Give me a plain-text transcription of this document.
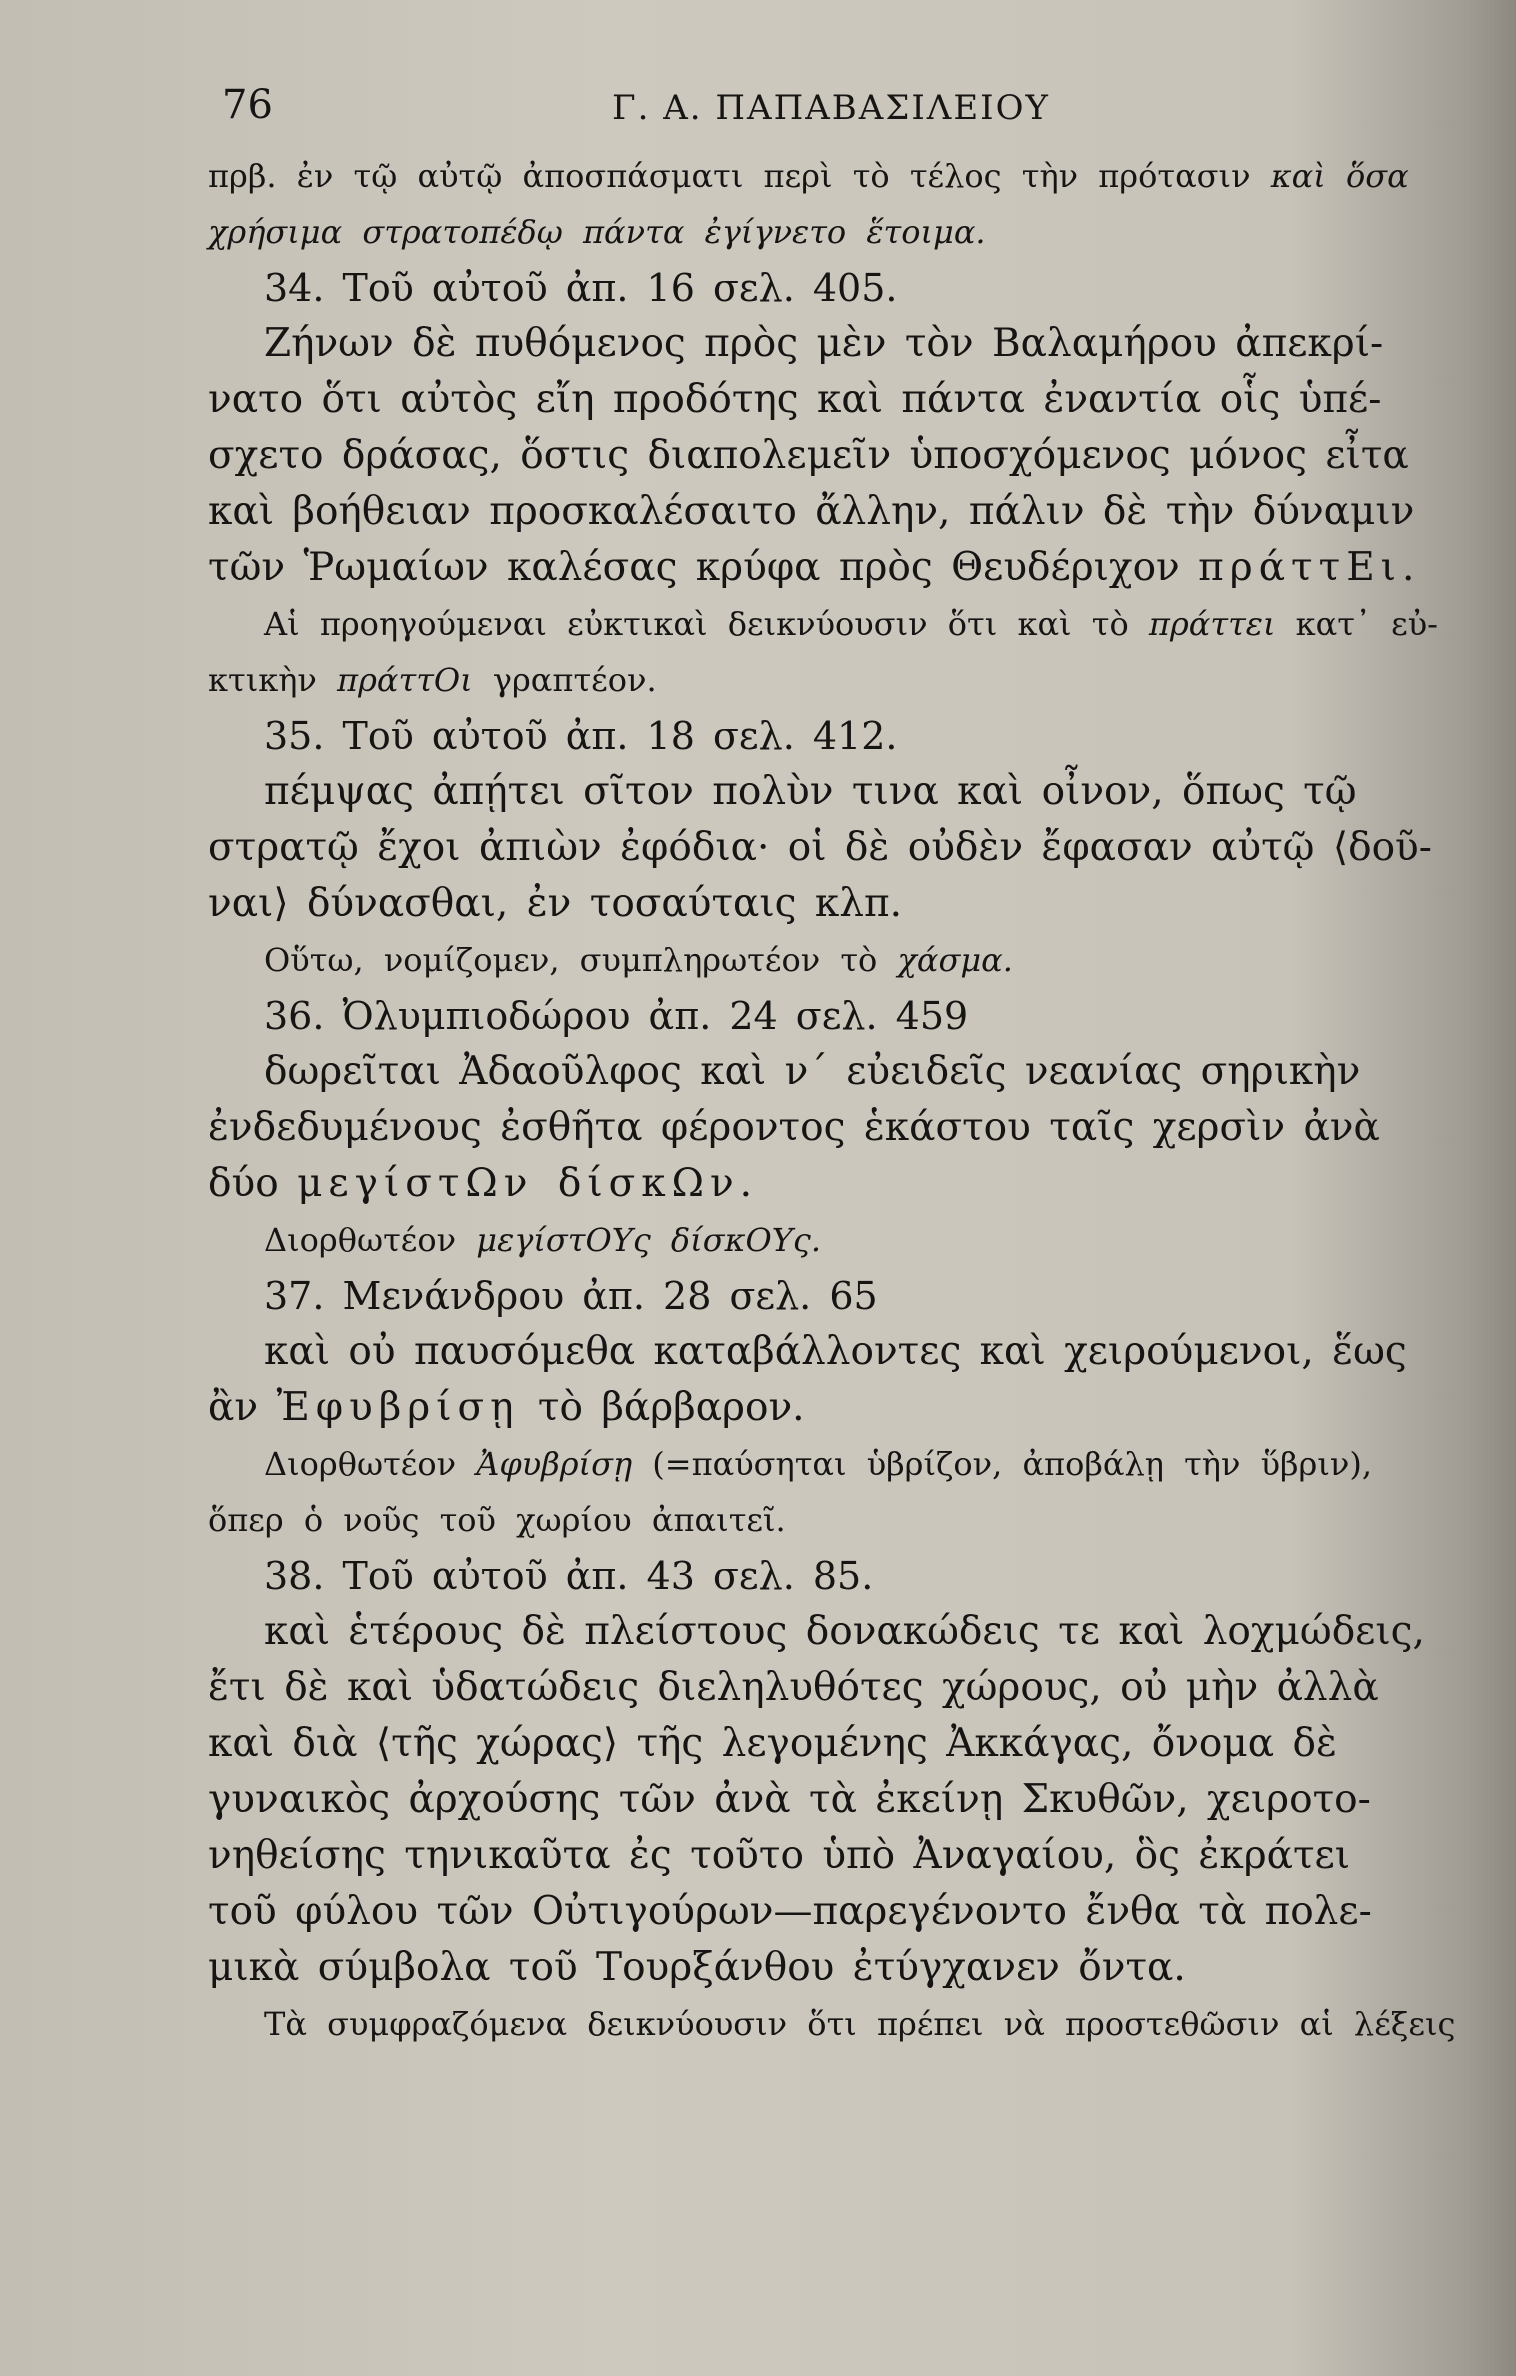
76	Γ. Α. ΠΑΠΑΒΑΣΙΛΕΙΟΥ
πρβ. ἐν τῷ αὐτῷ ἀποσπάσματι περὶ τὸ τέλος τὴν πρότασιν καὶ ὅσα
χρήσιμα στρατοπέδῳ πάντα ἐγίγνετο ἕτοιμα.
34. Τοῦ αὐτοῦ ἀπ. 16 σελ. 405.
Ζήνων δὲ πυθόμενος πρὸς μὲν τὸν Βαλαμήρου ἀπεκρί-
νατο ὅτι αὐτὸς εἴη προδότης καὶ πάντα ἐναντία οἷς ὑπέ-
σχετο δράσας, ὅστις διαπολεμεῖν ὑποσχόμενος μόνος εἶτα
καὶ βοήθειαν προσκαλέσαιτο ἄλλην, πάλιν δὲ τὴν δύναμιν
τῶν Ῥωμαίων καλέσας κρύφα πρὸς Θευδέριχον πράττΕι.
Αἱ προηγούμεναι εὐκτικαὶ δεικνύουσιν ὅτι καὶ τὸ πράττει κατ᾽ εὐ-
κτικὴν πράττΟι γραπτέον.
35. Τοῦ αὐτοῦ ἀπ. 18 σελ. 412.
πέμψας ἀπῄτει σῖτον πολὺν τινα καὶ οἶνον, ὅπως τῷ
στρατῷ ἔχοι ἀπιὼν ἐφόδια· οἱ δὲ οὐδὲν ἔφασαν αὐτῷ ⟨δοῦ-
ναι⟩ δύνασθαι, ἐν τοσαύταις κλπ.
Οὕτω, νομίζομεν, συμπληρωτέον τὸ χάσμα.
36. Ὀλυμπιοδώρου ἀπ. 24 σελ. 459
δωρεῖται Ἀδαοῦλφος καὶ ν´ εὐειδεῖς νεανίας σηρικὴν
ἐνδεδυμένους ἐσθῆτα φέροντος ἑκάστου ταῖς χερσὶν ἀνὰ
δύο μεγίστΩν δίσκΩν.
Διορθωτέον μεγίστΟΥς δίσκΟΥς.
37. Μενάνδρου ἀπ. 28 σελ. 65
καὶ οὐ παυσόμεθα καταβάλλοντες καὶ χειρούμενοι, ἕως
ἂν Ἐφυβρίσῃ τὸ βάρβαρον.
Διορθωτέον Ἀφυβρίσῃ (=παύσηται ὑβρίζον, ἀποβάλῃ τὴν ὕβριν),
ὅπερ ὁ νοῦς τοῦ χωρίου ἀπαιτεῖ.
38. Τοῦ αὐτοῦ ἀπ. 43 σελ. 85.
καὶ ἑτέρους δὲ πλείστους δονακώδεις τε καὶ λοχμώδεις,
ἔτι δὲ καὶ ὑδατώδεις διεληλυθότες χώρους, οὐ μὴν ἀλλὰ
καὶ διὰ ⟨τῆς χώρας⟩ τῆς λεγομένης Ἀκκάγας, ὄνομα δὲ
γυναικὸς ἀρχούσης τῶν ἀνὰ τὰ ἐκείνῃ Σκυθῶν, χειροτο-
νηθείσης τηνικαῦτα ἐς τοῦτο ὑπὸ Ἀναγαίου, ὃς ἐκράτει
τοῦ φύλου τῶν Οὐτιγούρων—παρεγένοντο ἔνθα τὰ πολε-
μικὰ σύμβολα τοῦ Τουρξάνθου ἐτύγχανεν ὄντα.
Τὰ συμφραζόμενα δεικνύουσιν ὅτι πρέπει νὰ προστεθῶσιν αἱ λέξεις
